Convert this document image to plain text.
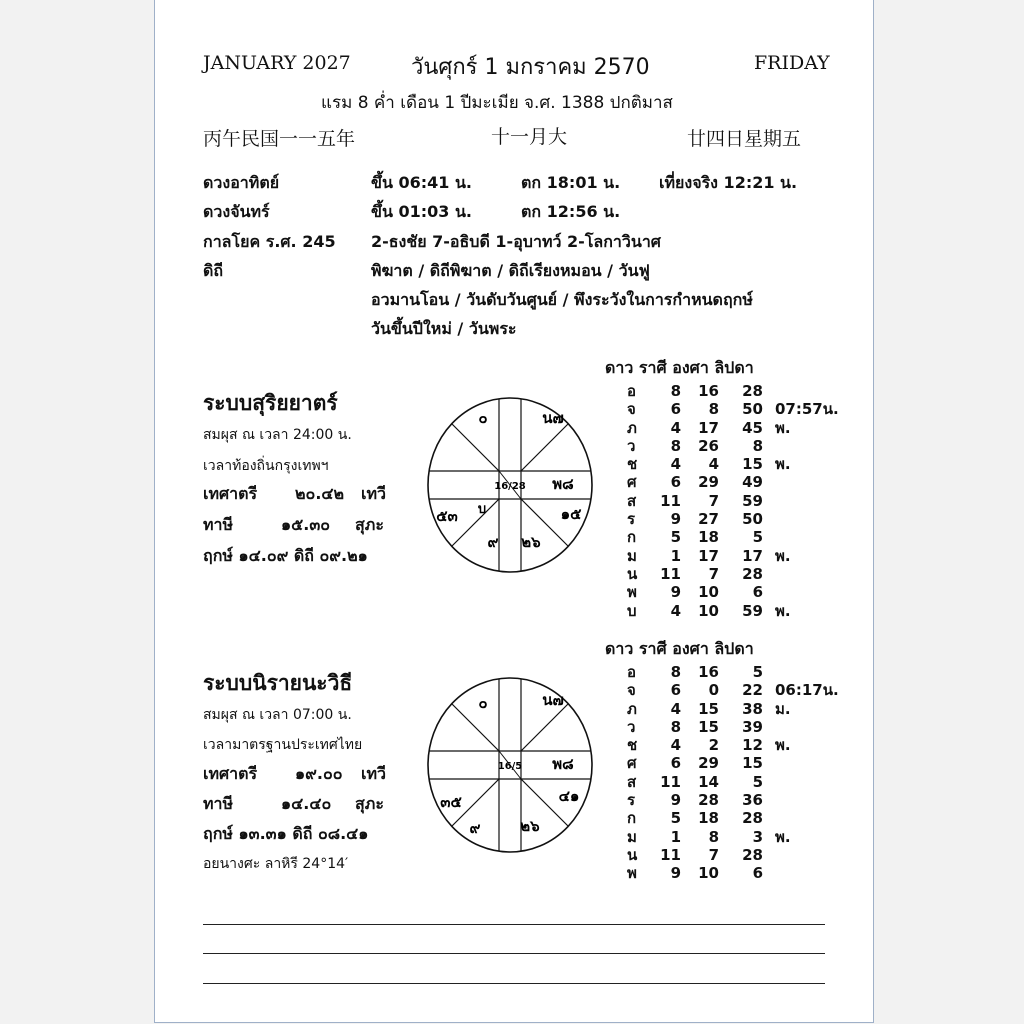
JANUARY 2027	วันศุกร์ 1 มกราคม 2570	FRIDAY
แรม 8 ค่ำ เดือน 1 ปีมะเมีย จ.ศ. 1388 ปกติมาส
丙午民国一一五年	十一月大	廿四日星期五
ดวงอาทิตย์	ขึ้น 06:41 น.	ตก 18:01 น. เที่ยงจริง 12:21 น.
ดวงจันทร์	ขึ้น 01:03 น.	ตก 12:56 น.
กาลโยค ร.ศ. 245 2-ธงชัย 7-อธิบดี 1-อุบาทว์ 2-โลกาวินาศ
ดิถี	พิฆาต / ดิถีพิฆาต / ดิถีเรียงหมอน / วันฟู
อวมานโอน / วันดับวันศูนย์ / พึงระวังในการกำหนดฤกษ์
วันขึ้นปีใหม่ / วันพระ
ระบบสุริยยาตร์
สมผุส ณ เวลา 24:00 น.
เวลาท้องถิ่นกรุงเทพฯ
เทศาตรี ๒๐.๔๒ เทวี
ทาษี	๑๕.๓๐ สุภะ
ฤกษ์ ๑๔.๐๙ ดิถี ๐๙.๒๑
16/28
๐	น๗
พ๘
๑๕
๕๓ บ
๙ ๒๖
ดาว ราศี องศา ลิปดา
อ	8	16	28
จ	6	8	50 07:57น.
ภ	4	17	45 พ.
ว	8	26	8
ช	4	4	15 พ.
ศ	6	29	49
ส	11	7	59
ร	9	27	50
ก	5	18	5
ม	1	17	17 พ.
น	11	7	28
พ	9	10	6
บ	4	10	59 พ.
ดาว ราศี องศา ลิปดา
อ	8	16	5
จ	6	0	22 06:17น.
ภ	4	15	38 ม.
ว	8	15	39
ช	4	2	12 พ.
ศ	6	29	15
ส	11	14	5
ร	9	28	36
ก	5	18	28
ม	1	8	3 พ.
น	11	7	28
พ	9	10	6
ระบบนิรายนะวิธี
สมผุส ณ เวลา 07:00 น.
เวลามาตรฐานประเทศไทย
เทศาตรี ๑๙.๐๐ เทวี
ทาษี	๑๔.๔๐ สุภะ
ฤกษ์ ๑๓.๓๑ ดิถี ๐๘.๔๑
อยนางศะ ลาหิรี 24°14′
16/5
๐	น๗
พ๘
๔๑
๓๕
๙	๒๖
